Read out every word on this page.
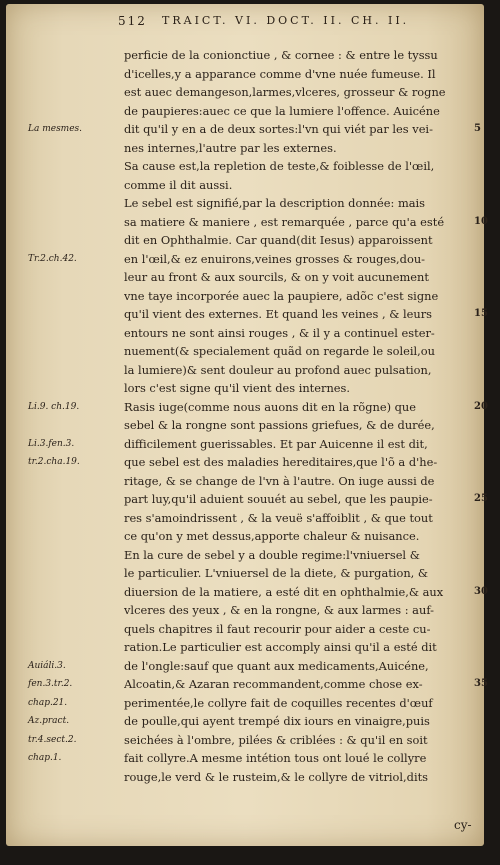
512 TRAICT. VI. DOCT. II. CH. II.
perficie de la conionctiue , & cornee : & entre le tyssu
d'icelles,y a apparance comme d'vne nuée fumeuse. Il
est auec demangeson,larmes,vlceres, grosseur & rogne
de paupieres:auec ce que la lumiere l'offence. Auicéne
dit qu'il y en a de deux sortes:l'vn qui viét par les vei-	5
La mesmes.
nes internes,l'autre par les externes.
Sa cause est,la repletion de teste,& foiblesse de l'œil,
comme il dit aussi.
Le sebel est signifié,par la description donnée: mais
sa matiere & maniere , est remarquée , parce qu'a esté	10
dit en Ophthalmie. Car quand(dit Iesus) apparoissent
en l'œil,& ez enuirons,veines grosses & rouges,dou-
Tr.2.ch.42.
leur au front & aux sourcils, & on y voit aucunement
vne taye incorporée auec la paupiere, adõc c'est signe
qu'il vient des externes. Et quand les veines , & leurs	15
entours ne sont ainsi rouges , & il y a continuel ester-
nuement(& specialement quãd on regarde le soleil,ou
la lumiere)& sent douleur au profond auec pulsation,
lors c'est signe qu'il vient des internes.
Rasis iuge(comme nous auons dit en la rõgne) que	20
Li.9. ch.19.
sebel & la rongne sont passions griefues, & de durée,
difficilement guerissables. Et par Auicenne il est dit,
Li.3.fen.3.
que sebel est des maladies hereditaires,que l'õ a d'he-
tr.2.cha.19.
ritage, & se change de l'vn à l'autre. On iuge aussi de
part luy,qu'il aduient souuét au sebel, que les paupie-	25
res s'amoindrissent , & la veuë s'affoiblit , & que tout
ce qu'on y met dessus,apporte chaleur & nuisance.
En la cure de sebel y a double regime:l'vniuersel &
le particulier. L'vniuersel de la diete, & purgation, &
diuersion de la matiere, a esté dit en ophthalmie,& aux	30
vlceres des yeux , & en la rongne, & aux larmes : auf-
quels chapitres il faut recourir pour aider a ceste cu-
ration.Le particulier est accomply ainsi qu'il a esté dit
de l'ongle:sauf que quant aux medicaments,Auicéne,
Auiáli.3.
Alcoatin,& Azaran recommandent,comme chose ex-	35
fen.3.tr.2.
perimentée,le collyre fait de coquilles recentes d'œuf
chap.21.
de poulle,qui ayent trempé dix iours en vinaigre,puis
Az.pract.
seichées à l'ombre, pilées & criblées : & qu'il en soit
tr.4.sect.2.
fait collyre.A mesme intétion tous ont loué le collyre
chap.1.
rouge,le verd & le rusteim,& le collyre de vitriol,dits
cy-
